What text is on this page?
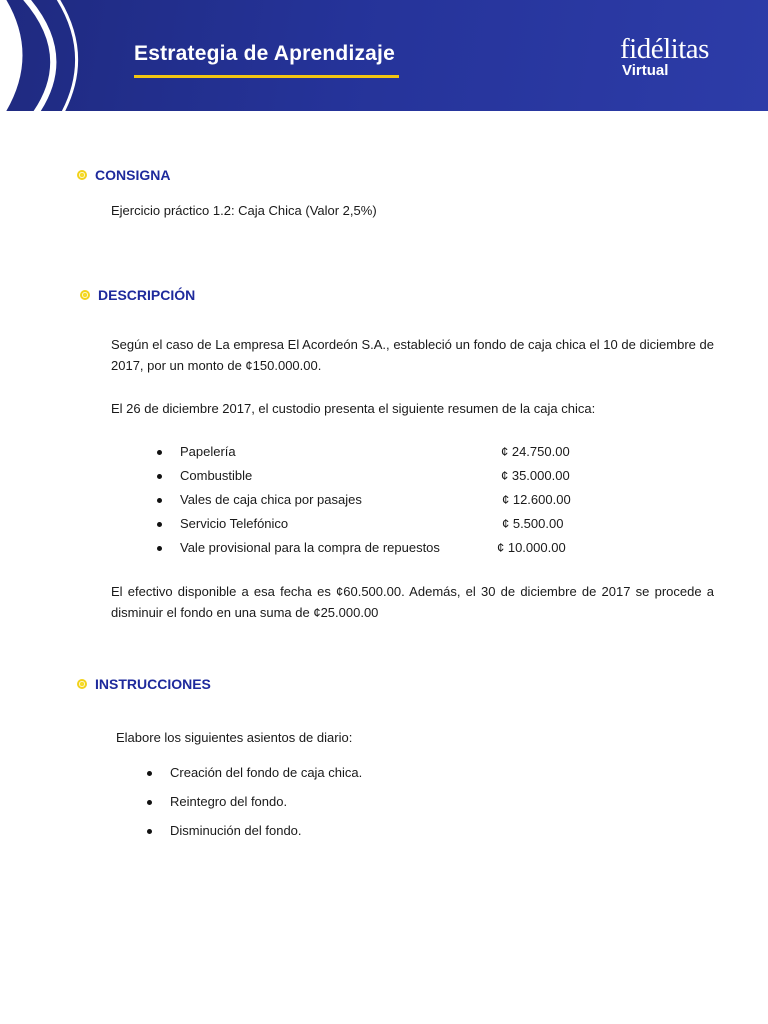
Estrategia de Aprendizaje	fidélitas
Virtual
CONSIGNA

Ejercicio práctico 1.2: Caja Chica (Valor 2,5%)

DESCRIPCIÓN

Según el caso de La empresa El Acordeón S.A., estableció un fondo de caja chica el 10 de diciembre de 2017, por un monto de ¢150.000.00.

El 26 de diciembre 2017, el custodio presenta el siguiente resumen de la caja chica:

Papelería	¢ 24.750.00
Combustible	¢ 35.000.00
Vales de caja chica por pasajes	¢ 12.600.00
Servicio Telefónico	¢ 5.500.00
Vale provisional para la compra de repuestos	¢ 10.000.00

El efectivo disponible a esa fecha es ¢60.500.00. Además, el 30 de diciembre de 2017 se procede a disminuir el fondo en una suma de ¢25.000.00

INSTRUCCIONES

Elabore los siguientes asientos de diario:

Creación del fondo de caja chica.
Reintegro del fondo.
Disminución del fondo.
